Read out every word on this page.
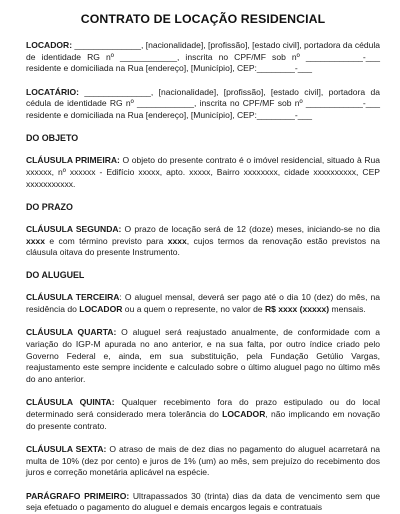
CONTRATO DE LOCAÇÃO RESIDENCIAL

LOCADOR: ______________, [nacionalidade], [profissão], [estado civil], portadora da cédula de identidade RG nº ____________, inscrita no CPF/MF sob nº ____________-___ residente e domiciliada na Rua [endereço], [Município], CEP:________-___

LOCATÁRIO: ______________, [nacionalidade], [profissão], [estado civil], portadora da cédula de identidade RG nº ____________, inscrita no CPF/MF sob nº ____________-___ residente e domiciliada na Rua [endereço], [Município], CEP:________-___

DO OBJETO

CLÁUSULA PRIMEIRA: O objeto do presente contrato é o imóvel residencial, situado à Rua xxxxxx, nº xxxxxx - Edifício xxxxx, apto. xxxxx, Bairro xxxxxxxx, cidade xxxxxxxxxx, CEP xxxxxxxxxxx.

DO PRAZO

CLÁUSULA SEGUNDA: O prazo de locação será de 12 (doze) meses, iniciando-se no dia xxxx e com término previsto para xxxx, cujos termos da renovação estão previstos na cláusula oitava do presente Instrumento.

DO ALUGUEL

CLÁUSULA TERCEIRA: O aluguel mensal, deverá ser pago até o dia 10 (dez) do mês, na residência do LOCADOR ou a quem o represente, no valor de R$ xxxx (xxxxx) mensais.

CLÁUSULA QUARTA: O aluguel será reajustado anualmente, de conformidade com a variação do IGP-M apurada no ano anterior, e na sua falta, por outro índice criado pelo Governo Federal e, ainda, em sua substituição, pela Fundação Getúlio Vargas, reajustamento este sempre incidente e calculado sobre o último aluguel pago no último mês do ano anterior.

CLÁUSULA QUINTA: Qualquer recebimento fora do prazo estipulado ou do local determinado será considerado mera tolerância do LOCADOR, não implicando em novação do presente contrato.

CLÁUSULA SEXTA: O atraso de mais de dez dias no pagamento do aluguel acarretará na multa de 10% (dez por cento) e juros de 1% (um) ao mês, sem prejuízo do recebimento dos juros e correção monetária aplicável na espécie.

PARÁGRAFO PRIMEIRO: Ultrapassados 30 (trinta) dias da data de vencimento sem que seja efetuado o pagamento do aluguel e demais encargos legais e contratuais
